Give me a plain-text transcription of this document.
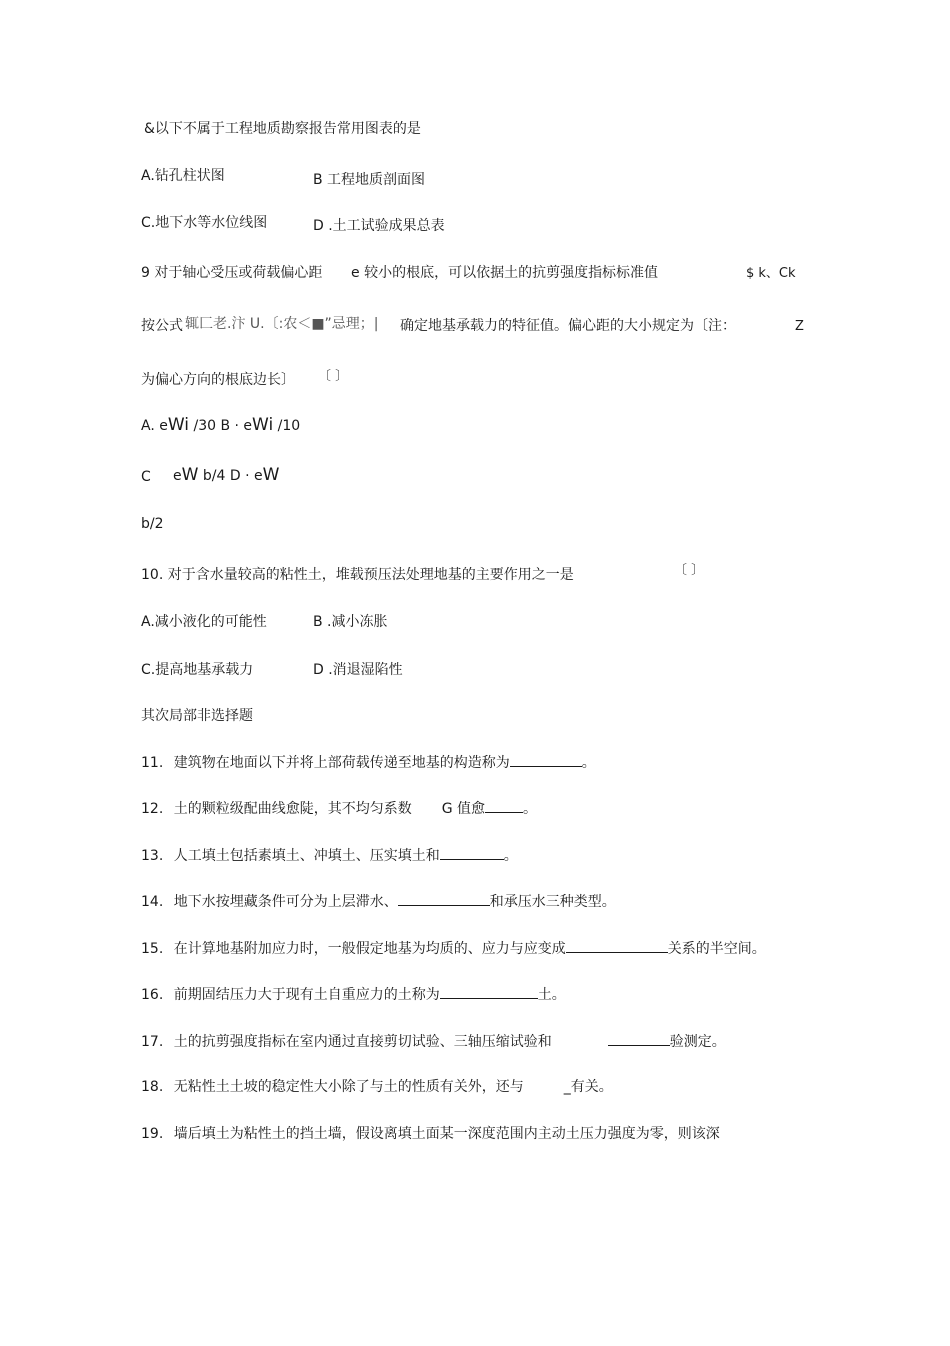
&以下不属于工程地质勘察报告常用图表的是
A.钻孔柱状图	B 工程地质剖面图
C.地下水等水位线图	D .土工试验成果总表
9 对于轴心受压或荷载偏心距 e 较小的根底，可以依据土的抗剪强度指标标准值	$ k、Ck
按公式 辄匚老.汴 U.〔:农＜■”忌理；| 确定地基承载力的特征值。偏心距的大小规定为〔注：	Z
为偏心方向的根底边长〕 〔 〕
A. eWi /30 B · eWi /10
C eW b/4 D · eW
b/2
10. 对于含水量较高的粘性土，堆载预压法处理地基的主要作用之一是	〔 〕
A.减小液化的可能性	B .减小冻胀
C.提高地基承载力	D .消退湿陷性
其次局部非选择题
11. 建筑物在地面以下并将上部荷载传递至地基的构造称为	。
12. 土的颗粒级配曲线愈陡，其不均匀系数 G 值愈	。
13. 人工填土包括素填土、冲填土、压实填土和	。
14. 地下水按埋藏条件可分为上层滞水、	和承压水三种类型。
15. 在计算地基附加应力时，一般假定地基为均质的、应力与应变成	关系的半空间。
16. 前期固结压力大于现有土自重应力的土称为	土。
17. 土的抗剪强度指标在室内通过直接剪切试验、三轴压缩试验和	验测定。
18. 无粘性土土坡的稳定性大小除了与土的性质有关外，还与	_有关。
19. 墙后填土为粘性土的挡土墙，假设离填土面某一深度范围内主动土压力强度为零，则该深
